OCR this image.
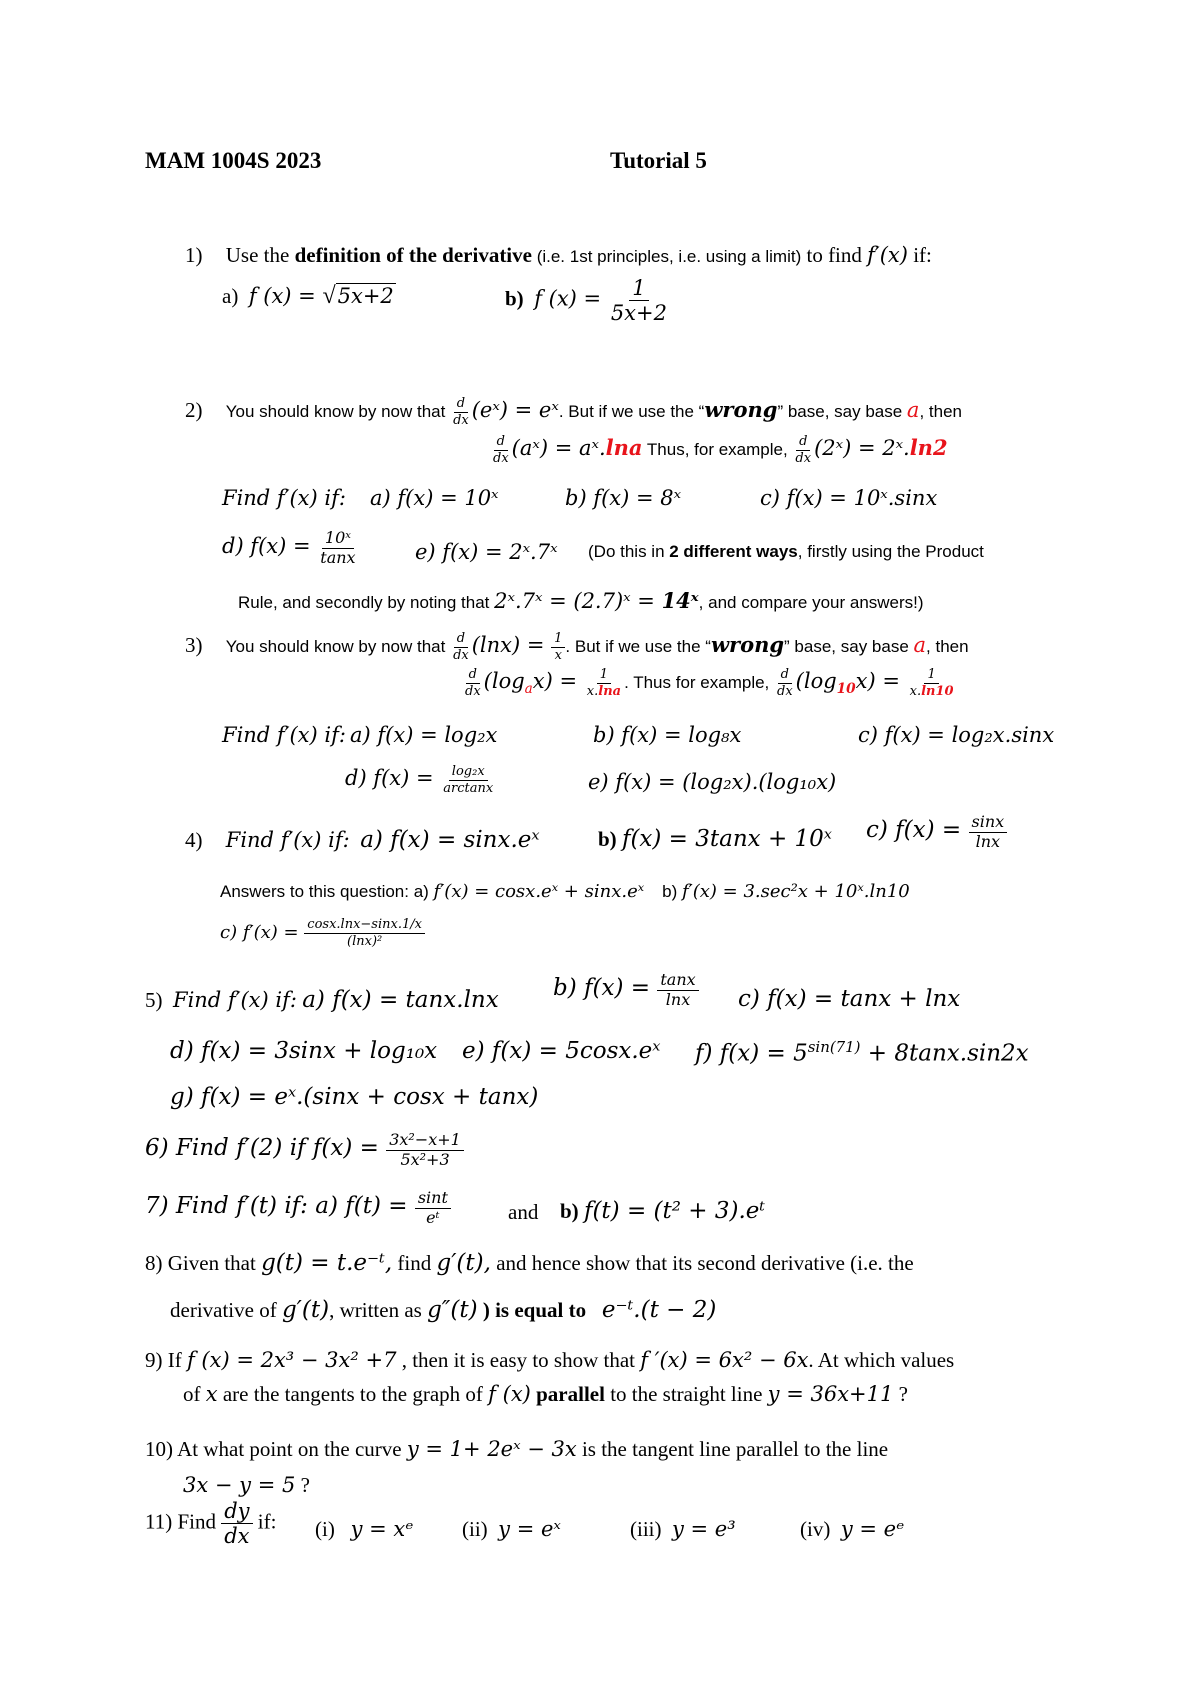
MAM 1004S 2023	Tutorial 5
1) Use the definition of the derivative (i.e. 1st principles, i.e. using a limit) to find f′(x) if:
a) f (x) = √5x+2	b) f $(x) = \frac{1}{5x+2}$
2) You should know by now that $\frac{d}{dx}$ (eˣ) = eˣ. But if we use the “wrong” base, say base a, then
$\frac{d}{dx}$ (aˣ) = aˣ.lna Thus, for example, $\frac{d}{dx}$ (2ˣ) = 2ˣ.ln2
Find f′(x) if: a) f(x) = 10ˣ	b) f(x) = 8ˣ	c) f(x) = 10ˣ.sinx
d) $f(x) = \frac{\text{10ˣ}}{\tan x}$	e) f(x) = 2ˣ.7ˣ (Do this in 2 different ways, firstly using the Product
Rule, and secondly by noting that 2ˣ.7ˣ = (2.7)ˣ = 14ˣ, and compare your answers!)
3) You should know by now that $\frac{d}{dx} (\ln x) = \frac{1}{x}$ . But if we use the “wrong” base, say base a, then
$\frac{d}{dx} (\log_ax) = \frac{1}{x.\ln a}$ . Thus for example, $\frac{d}{dx} (\log_{10}x) = \frac{1}{x.\ln 10}$
Find f′(x) if: a) f(x) = log₂x	b) f(x) = log₈x	c) f(x) = log₂x.sinx
d) $f(x) = \frac{\text{log₂x}}{\arctan x}$	e) f(x) = (log₂x).(log₁₀x)
4) Find f′(x) if: a) f(x) = sinx.eˣ	b) f(x) = 3tanx + 10ˣ c) $f(x) = \frac{\sin x}{\ln x}$
Answers to this question: a) f′(x) = cosx.eˣ + sinx.eˣ b) f′(x) = 3.sec²x + 10ˣ.ln10
c) $f'(x) = \frac{\cos x.\ln x-\sin x.1/x}{\text{(lnx)²}}$
5) Find f′(x) if: a) f(x) = tanx.lnx b) $f(x) = \frac{\tan x}{\ln x} c$) f(x) = tanx + lnx
d) f(x) = 3sinx + log₁₀x e) f(x) = 5cosx.eˣ f) $f(x) = 5^{sin(71)} + 8\tan x.\sin 2x$
g) f(x) = eˣ.(sinx + cosx + tanx)
6) Find f′(2) if $f(x) = \frac{\text{3x²−x+1}}{\text{5x²+3}}$
7) Find f′(t) if: a) $f(t) = \frac{\sin t}{\text{eᵗ}}$	and b) f(t) = (t² + 3).eᵗ
8) Given that g(t) = t.e⁻ᵗ, find g′(t), and hence show that its second derivative (i.e. the
derivative of g′(t), written as g″(t) ) is equal to e⁻ᵗ.(t − 2)
9) If f (x) = 2x³ − 3x² +7 , then it is easy to show that f ′(x) = 6x² − 6x. At which values
of x are the tangents to the graph of f (x) parallel to the straight line y = 36x+11 ?
10) At what point on the curve y = 1+ 2eˣ − 3x is the tangent line parallel to the line
3x − y = 5 ?
11) Find $\frac{dy}{dx}$ if: (i) y = xᵉ (ii) y = eˣ	(iii) y = e³	(iv) y = eᵉ
